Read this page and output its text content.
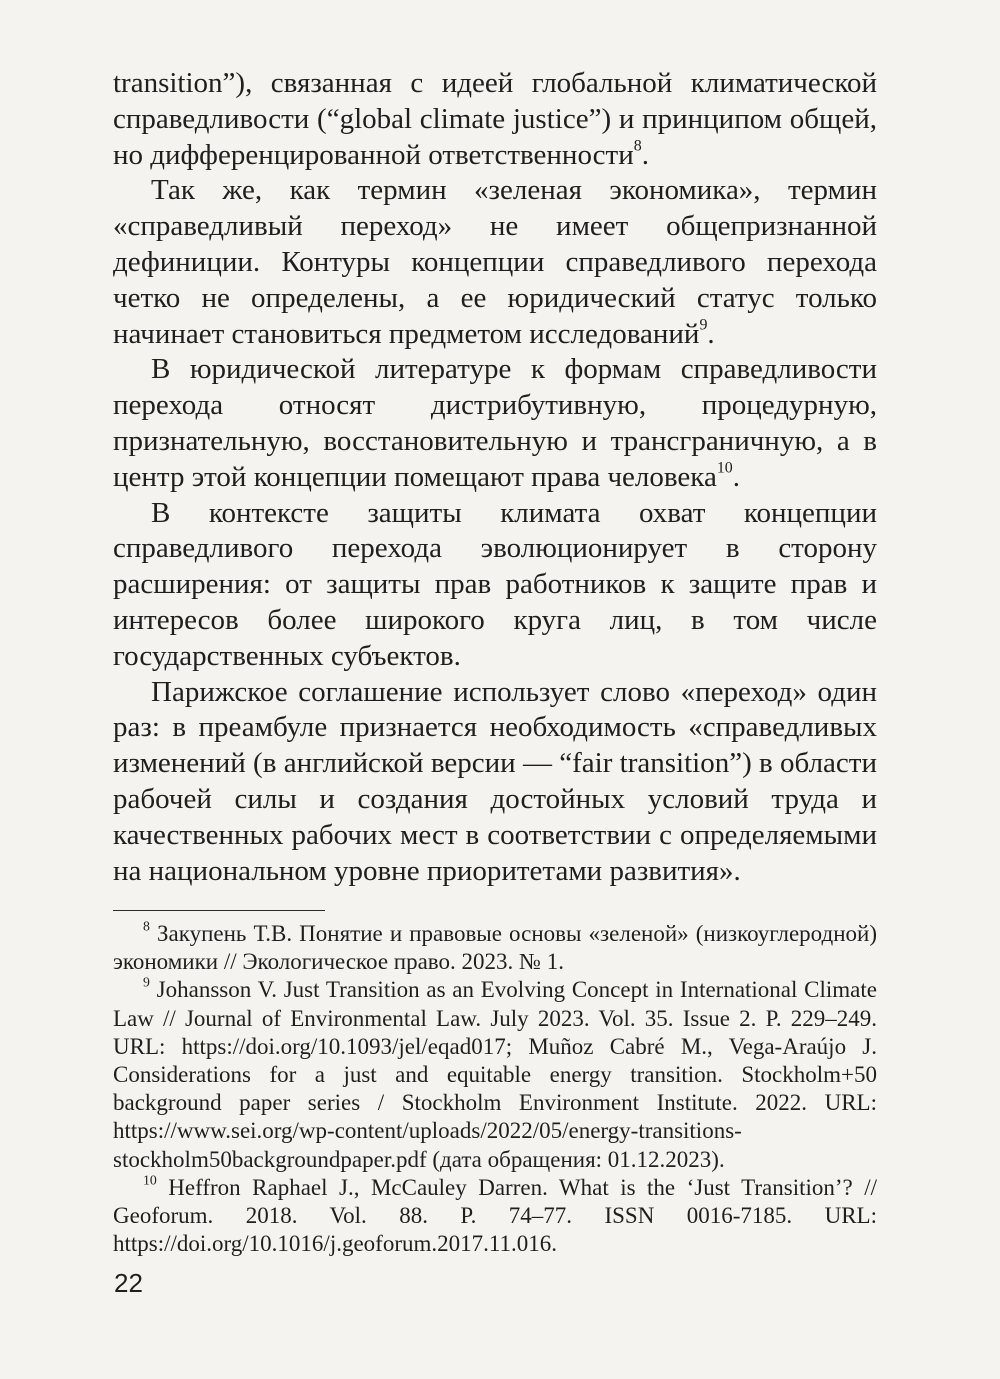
transition”), связанная с идеей глобальной климатической справедливости (“global climate justice”) и принципом общей, но дифференцированной ответственности$^8$.

Так же, как термин «зеленая экономика», термин «справедливый переход» не имеет общепризнанной дефиниции. Контуры концепции справедливого перехода четко не определены, а ее юридический статус только начинает становиться предметом исследований$^9$.

В юридической литературе к формам справедливости перехода относят дистрибутивную, процедурную, признательную, восстановительную и трансграничную, а в центр этой концепции помещают права человека$^{10}$.

В контексте защиты климата охват концепции справедливого перехода эволюционирует в сторону расширения: от защиты прав работников к защите прав и интересов более широкого круга лиц, в том числе государственных субъектов.

Парижское соглашение использует слово «переход» один раз: в преамбуле признается необходимость «справедливых изменений (в английской версии — “fair transition”) в области рабочей силы и создания достойных условий труда и качественных рабочих мест в соответствии с определяемыми на национальном уровне приоритетами развития».

$^8$ Закупень Т.В. Понятие и правовые основы «зеленой» (низкоуглеродной) экономики // Экологическое право. 2023. № 1.

$^9$ Johansson V. Just Transition as an Evolving Concept in International Climate Law // Journal of Environmental Law. July 2023. Vol. 35. Issue 2. P. 229–249. URL: https://doi.org/10.1093/jel/eqad017; Muñoz Cabré M., Vega-Araújo J. Considerations for a just and equitable energy transition. Stockholm+50 background paper series / Stockholm Environment Institute. 2022. URL: https://www.sei.org/wp-content/uploads/2022/05/energy-transitions-stockholm50backgroundpaper.pdf (дата обращения: 01.12.2023).

$^{10}$ Heffron Raphael J., McCauley Darren. What is the ‘Just Transition’? // Geoforum. 2018. Vol. 88. P. 74–77. ISSN 0016-7185. URL: https://doi.org/10.1016/j.geoforum.2017.11.016.

22
